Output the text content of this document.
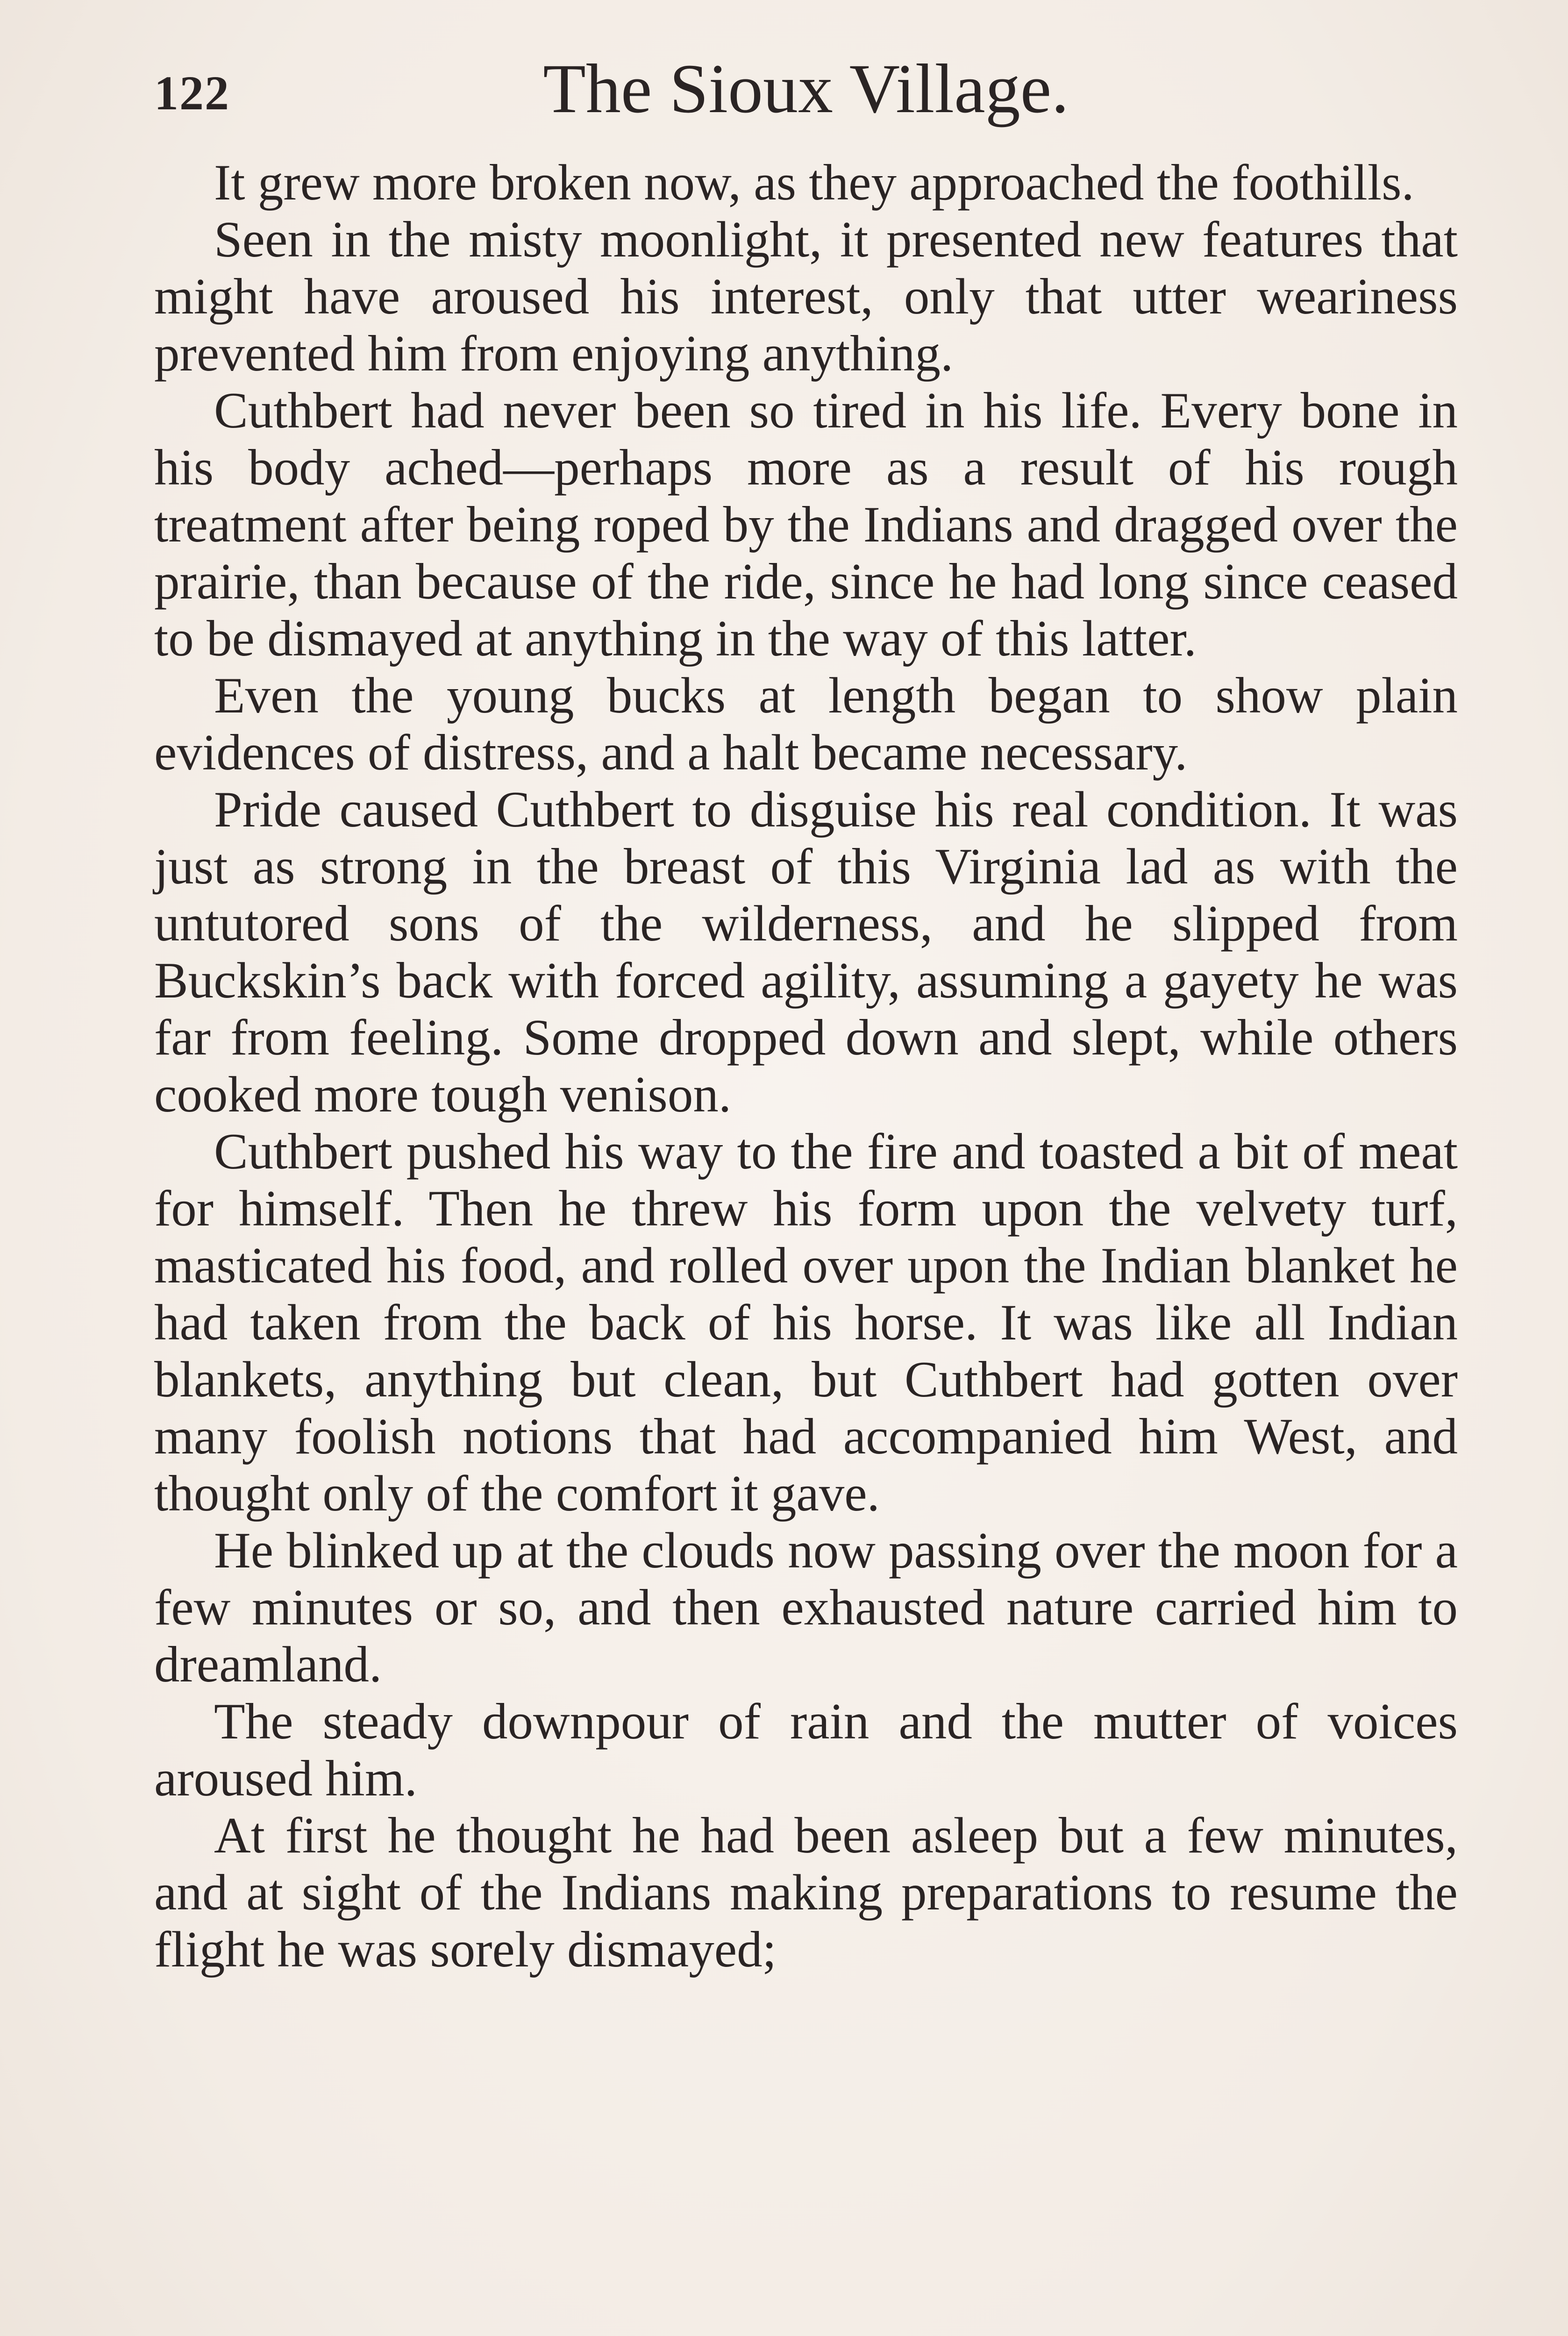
122	The Sioux Village.

It grew more broken now, as they approached the foothills.

Seen in the misty moonlight, it presented new features that might have aroused his interest, only that utter weariness prevented him from enjoying anything.

Cuthbert had never been so tired in his life. Every bone in his body ached—perhaps more as a result of his rough treatment after being roped by the Indians and dragged over the prairie, than because of the ride, since he had long since ceased to be dismayed at anything in the way of this latter.

Even the young bucks at length began to show plain evidences of distress, and a halt became necessary.

Pride caused Cuthbert to disguise his real condition. It was just as strong in the breast of this Virginia lad as with the untutored sons of the wilderness, and he slipped from Buckskin’s back with forced agility, assuming a gayety he was far from feeling. Some dropped down and slept, while others cooked more tough venison.

Cuthbert pushed his way to the fire and toasted a bit of meat for himself. Then he threw his form upon the velvety turf, masticated his food, and rolled over upon the Indian blanket he had taken from the back of his horse. It was like all Indian blankets, anything but clean, but Cuthbert had gotten over many foolish notions that had accompanied him West, and thought only of the comfort it gave.

He blinked up at the clouds now passing over the moon for a few minutes or so, and then exhausted nature carried him to dreamland.

The steady downpour of rain and the mutter of voices aroused him.

At first he thought he had been asleep but a few minutes, and at sight of the Indians making preparations to resume the flight he was sorely dismayed;
